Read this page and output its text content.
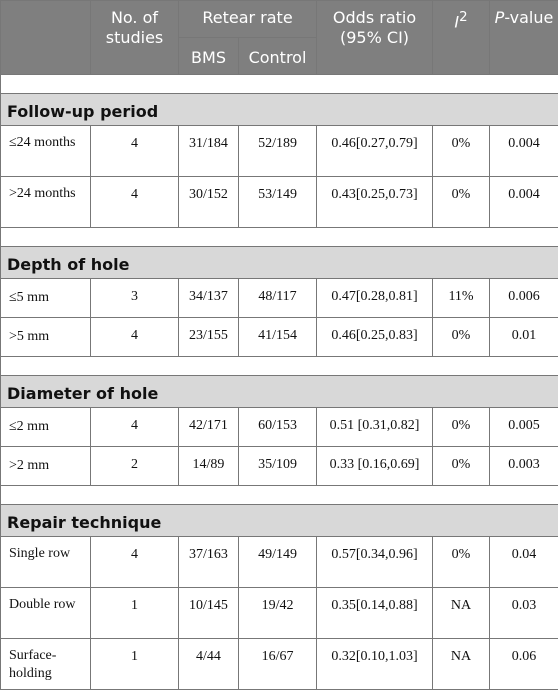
	No. of studies	Retear rate		Odds ratio (95% CI)	$I^2$	P-value

		BMS	Control			

Follow-up period						
≤24 months	4	31/184	52/189	0.46[0.27,0.79]	0%	0.004
>24 months	4	30/152	53/149	0.43[0.25,0.73]	0%	0.004

Depth of hole						
≤5 mm	3	34/137	48/117	0.47[0.28,0.81]	11%	0.006
>5 mm	4	23/155	41/154	0.46[0.25,0.83]	0%	0.01

Diameter of hole						
≤2 mm	4	42/171	60/153	0.51 [0.31,0.82]	0%	0.005
>2 mm	2	14/89	35/109	0.33 [0.16,0.69]	0%	0.003

Repair technique						
Single row	4	37/163	49/149	0.57[0.34,0.96]	0%	0.04
Double row	1	10/145	19/42	0.35[0.14,0.88]	NA	0.03
Surface-holding	1	4/44	16/67	0.32[0.10,1.03]	NA	0.06
